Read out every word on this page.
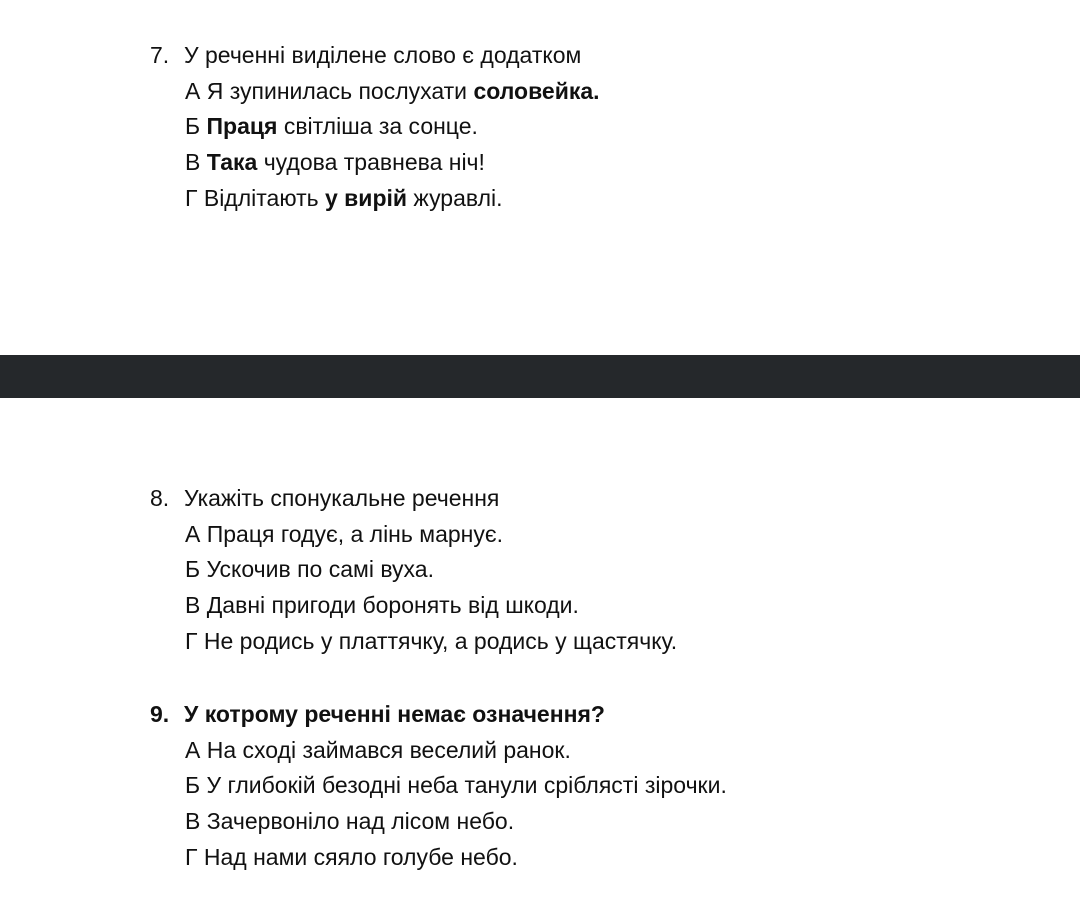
7. У реченні виділене слово є додатком
А Я зупинилась послухати соловейка.
Б Праця світліша за сонце.
В Така чудова травнева ніч!
Г Відлітають у вирій журавлі.
8. Укажіть спонукальне речення
А Праця годує, а лінь марнує.
Б Ускочив по самі вуха.
В Давні пригоди боронять від шкоди.
Г Не родись у платтячку, а родись у щастячку.
9. У котрому реченні немає означення?
А На сході займався веселий ранок.
Б У глибокій безодні неба танули сріблясті зірочки.
В Зачервоніло над лісом небо.
Г Над нами сяяло голубе небо.
